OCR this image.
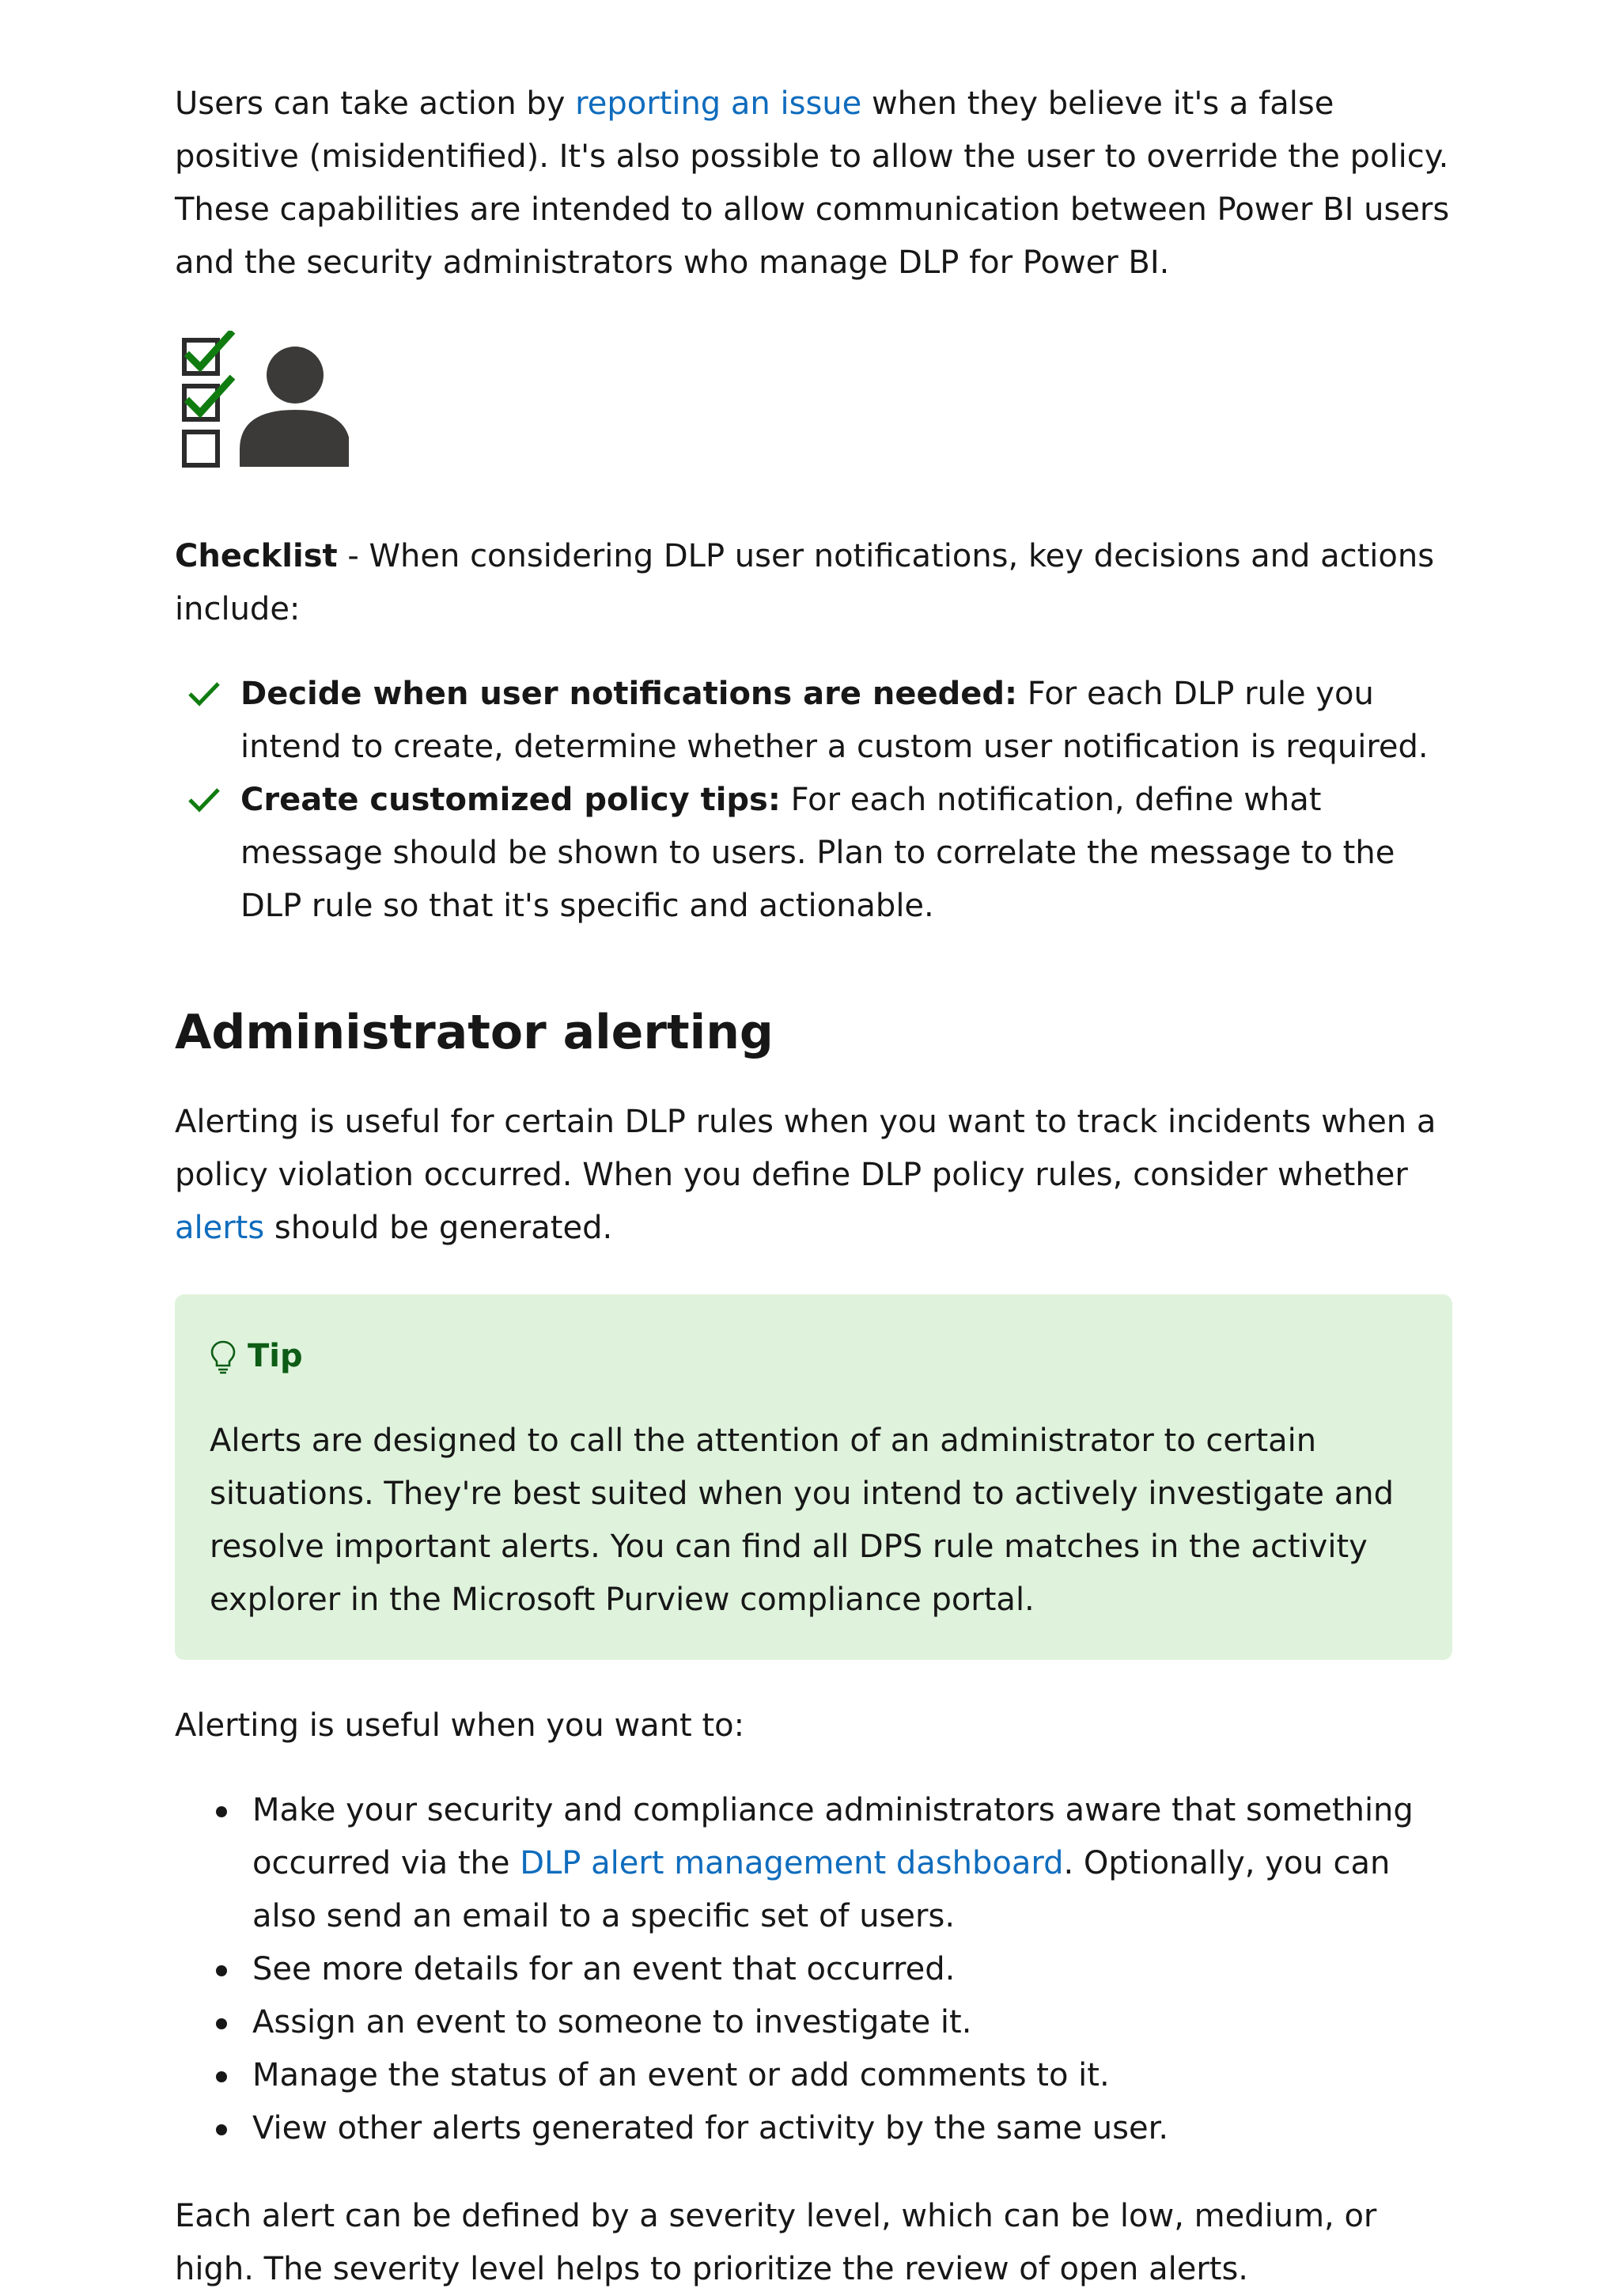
Users can take action by reporting an issue when they believe it's a false positive (misidentified). It's also possible to allow the user to override the policy. These capabilities are intended to allow communication between Power BI users and the security administrators who manage DLP for Power BI.

Checklist - When considering DLP user notifications, key decisions and actions include:

Decide when user notifications are needed: For each DLP rule you intend to create, determine whether a custom user notification is required.
Create customized policy tips: For each notification, define what message should be shown to users. Plan to correlate the message to the DLP rule so that it's specific and actionable.
Administrator alerting

Alerting is useful for certain DLP rules when you want to track incidents when a policy violation occurred. When you define DLP policy rules, consider whether alerts should be generated.

Tip

Alerts are designed to call the attention of an administrator to certain situations. They're best suited when you intend to actively investigate and resolve important alerts. You can find all DPS rule matches in the activity explorer in the Microsoft Purview compliance portal.

Alerting is useful when you want to:

Make your security and compliance administrators aware that something occurred via the DLP alert management dashboard. Optionally, you can also send an email to a specific set of users.
See more details for an event that occurred.
Assign an event to someone to investigate it.
Manage the status of an event or add comments to it.
View other alerts generated for activity by the same user.

Each alert can be defined by a severity level, which can be low, medium, or high. The severity level helps to prioritize the review of open alerts.
